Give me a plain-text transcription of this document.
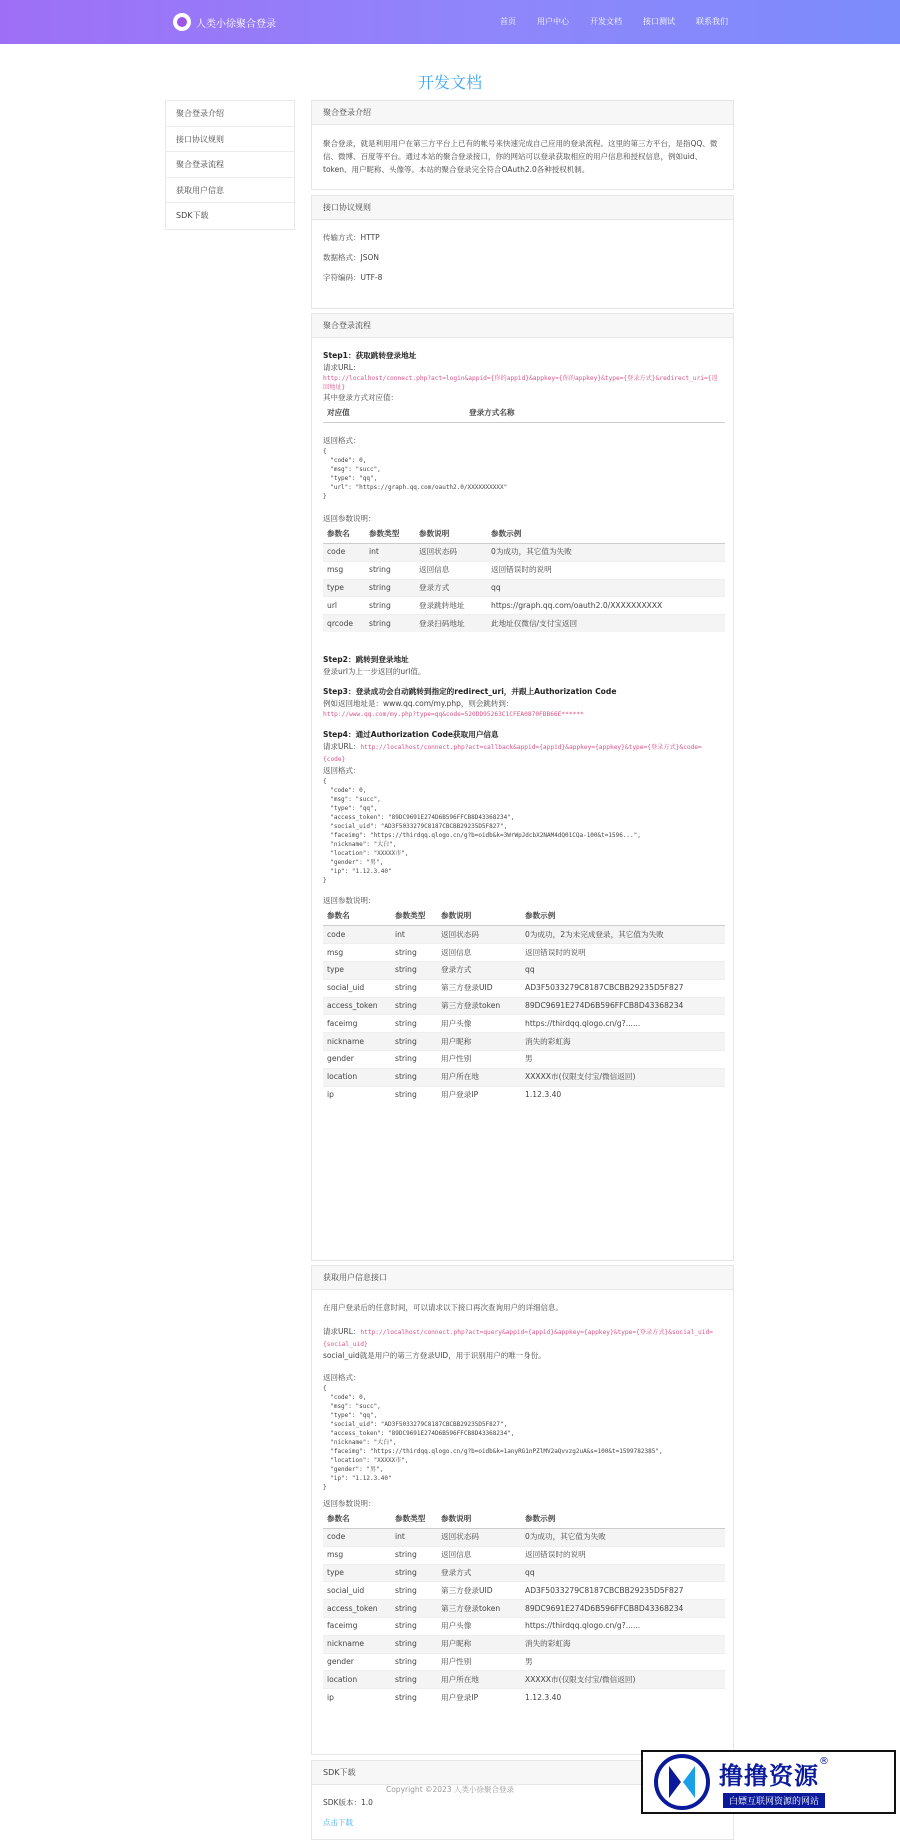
人类小徐聚合登录	首页	用户中心	开发文档	接口测试	联系我们
开发文档
聚合登录介绍
接口协议规则
聚合登录流程
获取用户信息
SDK下载
聚合登录介绍
聚合登录，就是利用用户在第三方平台上已有的帐号来快速完成自己应用的登录流程。这里的第三方平台，是指QQ、微信、微博、百度等平台。通过本站的聚合登录接口，你的网站可以登录获取相应的用户信息和授权信息，例如uid、token、用户昵称、头像等。本站的聚合登录完全符合OAuth2.0各种授权机制。
接口协议规则
传输方式：HTTP
数据格式：JSON
字符编码：UTF-8
聚合登录流程
Step1：获取跳转登录地址
请求URL：
http://localhost/connect.php?act=login&appid={你的appid}&appkey={你的appkey}&type={登录方式}&redirect_uri={返回地址}
其中登录方式对应值：
对应值	登录方式名称
返回格式：
{
"code": 0,
"msg": "succ",
"type": "qq",
"url": "https://graph.qq.com/oauth2.0/XXXXXXXXXX"
}
返回参数说明：
参数名	参数类型	参数说明	参数示例
code	int	返回状态码	0为成功，其它值为失败
msg	string	返回信息	返回错误时的说明
type	string	登录方式	qq
url	string	登录跳转地址	https://graph.qq.com/oauth2.0/XXXXXXXXXX
qrcode	string	登录扫码地址	此地址仅微信/支付宝返回
Step2：跳转到登录地址
登录url为上一步返回的url值。
Step3：登录成功会自动跳转到指定的redirect_uri，并跟上Authorization Code
例如返回地址是：www.qq.com/my.php，则会跳转到：
http://www.qq.com/my.php?type=qq&code=520DD95263C1CFEA0870FBB66E******
Step4：通过Authorization Code获取用户信息
请求URL：http://localhost/connect.php?act=callback&appid={appid}&appkey={appkey}&type={登录方式}&code={code}
返回格式：
{
"code": 0,
"msg": "succ",
"type": "qq",
"access_token": "89DC9691E274D6B596FFCB8D43368234",
"social_uid": "AD3F5033279C8187CBCBB29235D5F827",
"faceimg": "https://thirdqq.qlogo.cn/g?b=oidb&k=3WrWpJdcbX2NAM4dQ01CQa-100&t=1596...",
"nickname": "大白",
"location": "XXXXX市",
"gender": "男",
"ip": "1.12.3.40"
}
返回参数说明：
参数名	参数类型	参数说明	参数示例
code	int	返回状态码	0为成功，2为未完成登录，其它值为失败
msg	string	返回信息	返回错误时的说明
type	string	登录方式	qq
social_uid	string	第三方登录UID	AD3F5033279C8187CBCBB29235D5F827
access_token	string	第三方登录token	89DC9691E274D6B596FFCB8D43368234
faceimg	string	用户头像	https://thirdqq.qlogo.cn/g?......
nickname	string	用户昵称	消失的彩虹海
gender	string	用户性别	男
location	string	用户所在地	XXXXX市(仅限支付宝/微信返回)
ip	string	用户登录IP	1.12.3.40
获取用户信息接口
在用户登录后的任意时间，可以请求以下接口再次查询用户的详细信息。
请求URL：http://localhost/connect.php?act=query&appid={appid}&appkey={appkey}&type={登录方式}&social_uid={social_uid}
social_uid就是用户的第三方登录UID，用于识别用户的唯一身份。
返回格式：
{
"code": 0,
"msg": "succ",
"type": "qq",
"social_uid": "AD3F5033279C8187CBCBB29235D5F827",
"access_token": "89DC9691E274D6B596FFCB8D43368234",
"nickname": "大白",
"faceimg": "https://thirdqq.qlogo.cn/g?b=oidb&k=1anyRG1nPZlMV2aQvvzg2uA&s=100&t=1599782385",
"location": "XXXXX市",
"gender": "男",
"ip": "1.12.3.40"
}
返回参数说明：
参数名	参数类型	参数说明	参数示例
code	int	返回状态码	0为成功，其它值为失败
msg	string	返回信息	返回错误时的说明
type	string	登录方式	qq
social_uid	string	第三方登录UID	AD3F5033279C8187CBCBB29235D5F827
access_token	string	第三方登录token	89DC9691E274D6B596FFCB8D43368234
faceimg	string	用户头像	https://thirdqq.qlogo.cn/g?......
nickname	string	用户昵称	消失的彩虹海
gender	string	用户性别	男
location	string	用户所在地	XXXXX市(仅限支付宝/微信返回)
ip	string	用户登录IP	1.12.3.40
SDK下载
SDK版本：1.0
点击下载
Copyright ©2023 人类小徐聚合登录	撸撸资源®
白嫖互联网资源的网站
